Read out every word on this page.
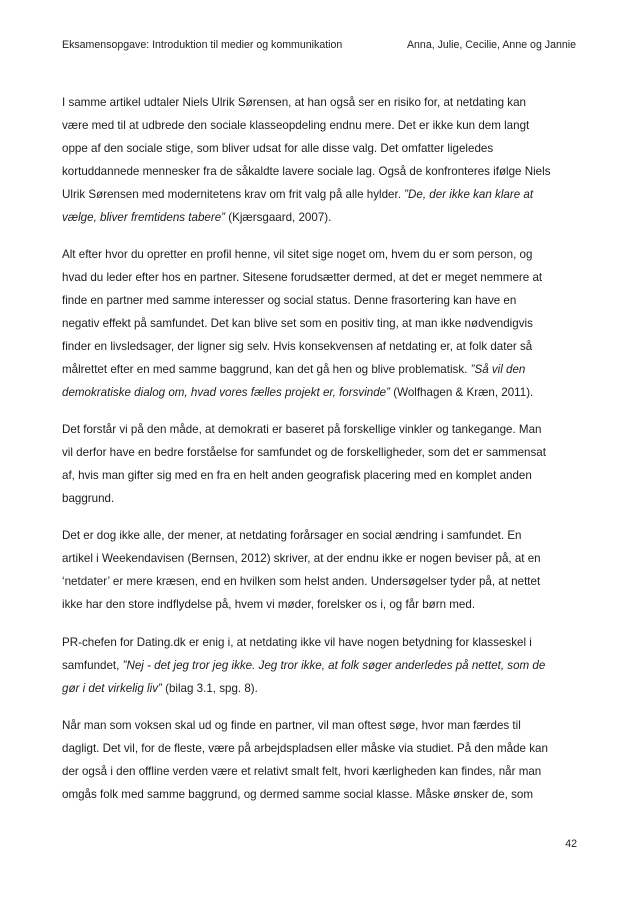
Eksamensopgave: Introduktion til medier og kommunikation	Anna, Julie, Cecilie, Anne og Jannie

I samme artikel udtaler Niels Ulrik Sørensen, at han også ser en risiko for, at netdating kan
være med til at udbrede den sociale klasseopdeling endnu mere. Det er ikke kun dem langt
oppe af den sociale stige, som bliver udsat for alle disse valg. Det omfatter ligeledes
kortuddannede mennesker fra de såkaldte lavere sociale lag. Også de konfronteres ifølge Niels
Ulrik Sørensen med modernitetens krav om frit valg på alle hylder. ”De, der ikke kan klare at
vælge, bliver fremtidens tabere” (Kjærsgaard, 2007).

Alt efter hvor du opretter en profil henne, vil sitet sige noget om, hvem du er som person, og
hvad du leder efter hos en partner. Sitesene forudsætter dermed, at det er meget nemmere at
finde en partner med samme interesser og social status. Denne frasortering kan have en
negativ effekt på samfundet. Det kan blive set som en positiv ting, at man ikke nødvendigvis
finder en livsledsager, der ligner sig selv. Hvis konsekvensen af netdating er, at folk dater så
målrettet efter en med samme baggrund, kan det gå hen og blive problematisk. ”Så vil den
demokratiske dialog om, hvad vores fælles projekt er, forsvinde” (Wolfhagen & Kræn, 2011).

Det forstår vi på den måde, at demokrati er baseret på forskellige vinkler og tankegange. Man
vil derfor have en bedre forståelse for samfundet og de forskelligheder, som det er sammensat
af, hvis man gifter sig med en fra en helt anden geografisk placering med en komplet anden
baggrund.

Det er dog ikke alle, der mener, at netdating forårsager en social ændring i samfundet. En
artikel i Weekendavisen (Bernsen, 2012) skriver, at der endnu ikke er nogen beviser på, at en
‘netdater’ er mere kræsen, end en hvilken som helst anden. Undersøgelser tyder på, at nettet
ikke har den store indflydelse på, hvem vi møder, forelsker os i, og får børn med.

PR-chefen for Dating.dk er enig i, at netdating ikke vil have nogen betydning for klasseskel i
samfundet, ”Nej - det jeg tror jeg ikke. Jeg tror ikke, at folk søger anderledes på nettet, som de
gør i det virkelig liv” (bilag 3.1, spg. 8).

Når man som voksen skal ud og finde en partner, vil man oftest søge, hvor man færdes til
dagligt. Det vil, for de fleste, være på arbejdspladsen eller måske via studiet. På den måde kan
der også i den offline verden være et relativt smalt felt, hvori kærligheden kan findes, når man
omgås folk med samme baggrund, og dermed samme social klasse. Måske ønsker de, som

42
